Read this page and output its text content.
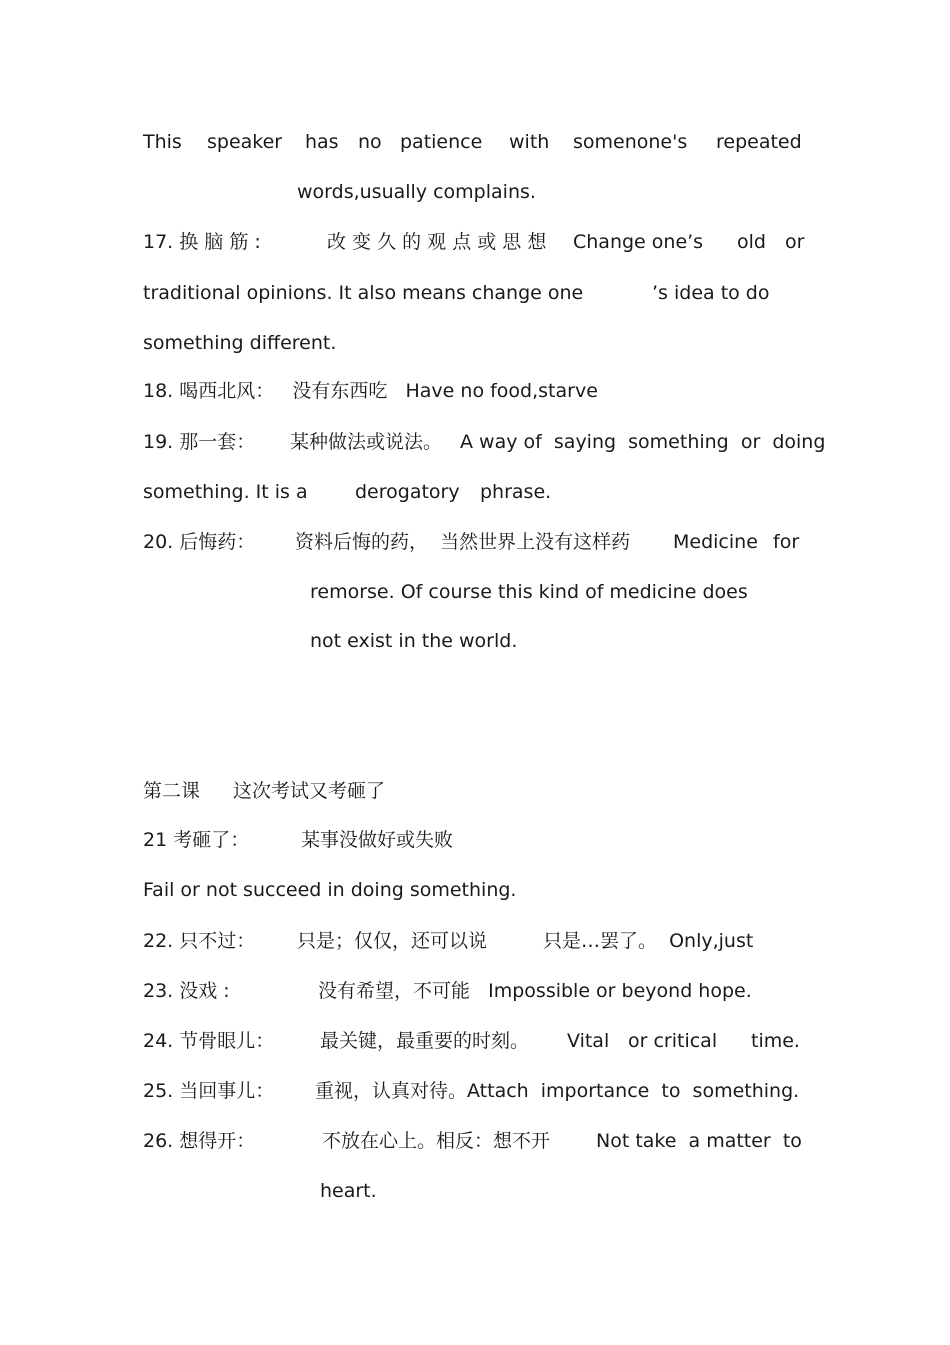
This speaker has no patience with somenone's repeated
words,usually complains.
17. 换 脑 筋 :	改 变 久 的 观 点 或 思 想 Change one’s old or
traditional opinions. It also means change one	’s idea to do
something different.
18. 喝西北风：   没有东西吃   Have no food,starve
19. 那一套： 某种做法或说法。 A way of  saying  something  or  doing
something. It is a derogatory phrase.
20. 后悔药： 资料后悔的药，  当然世界上没有这样药 Medicine for
remorse. Of course this kind of medicine does
not exist in the world.
第二课 这次考试又考砸了
21 考砸了：	某事没做好或失败
Fail or not succeed in doing something.
22. 只不过： 只是；仅仅，还可以说	只是…罢了。  Only,just
23. 没戏 :	没有希望，不可能   Impossible or beyond hope.
24. 节骨眼儿： 最关键，最重要的时刻。 Vital or critical time.
25. 当回事儿： 重视，认真对待。Attach  importance  to  something.
26. 想得开：	不放在心上。相反：想不开 Not take  a matter  to
heart.
